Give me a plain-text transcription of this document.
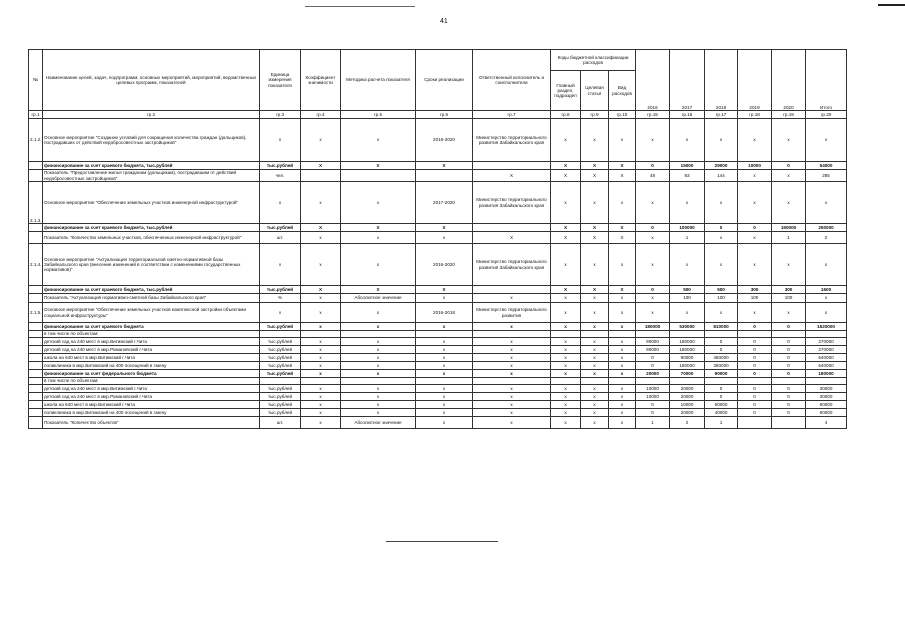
41
№	Наименование целей, задач, подпрограмм, основных мероприятий, мероприятий, ведомственных целевых программ, показателей	Единица измерения показателя	Коэффициент значимости	Методика расчета показателя	Сроки реализации	Ответственный исполнитель и соисполнители	Коды бюджетной классификации расходов			2016	2017	2018	2019	2020	Итого
							Главный раздел, подраздел	Целевая статья	Вид расходов						
гр.1	гр.2	гр.3	гр.4	гр.5	гр.6	гр.7	гр.8	гр.9	гр.10	гр.15	гр.16	гр.17	гр.18	гр.19	гр.20
2.1.2.	Основное мероприятие "Создание условий для сокращения количества граждан (дольщиков), пострадавших от действий недобросовестных застройщиков"	x	x	x	2016-2020	Министерство территориального развития Забайкальского края	x	x	x	x	x	x	x	x	x
	финансирование за счет краевого бюджета, тыс.рублей	тыс.рублей	X	X	X		X	X	X	0	15000	29000	10000	0	54000
	Показатель "Предоставление жилья гражданам (дольщикам), пострадавшим от действий недобросовестных застройщиков"	чел.				X	X	X	X	48	93	144	x	x	285
2.1.3.	Основное мероприятие "Обеспечение земельных участков инженерной инфраструктурой"	x	x	x	2017-2020	Министерство территориального развития Забайкальского края	x	x	x	x	x	x	x	x	x
	финансирование за счет краевого бюджета, тыс.рублей	тыс.рублей	X	X	X		X	X	X	0	100000	0	0	150000	250000
	Показатель "Количество земельных участков, обеспеченных инженерной инфраструктурой"	шт.	x	x	x	X	X	X	X	x	1	x	x	1	2
2.1.4.	Основное мероприятие "Актуализация территориальной сметно-нормативной базы Забайкальского края (внесение изменений в соответствии с изменениями государственных нормативов)"	x	x	x	2016-2020	Министерство территориального развития Забайкальского края	x	x	x	x	x	x	x	x	x
	финансирование за счет краевого бюджета, тыс.рублей	тыс.рублей	X	X	X		X	X	X	0	500	500	300	300	1600
	Показатель "Актуализация нормативно-сметной базы Забайкальского края"	%	x	Абсолютное значение	x	x	x	x	x	x	100	100	100	100	x
2.1.5.	Основное мероприятие "Обеспечение земельных участков комплексной застройки объектами социальной инфраструктуры"	x	x	x	2016-2018	Министерство территориального развития	x	x	x	x	x	x	x	x	x
	финансирование за счет краевого бюджета	тыс.рублей	x	x	x	x	x	x	x	180000	530000	810000	0	0	1620000
	в том числе по объектам:														
	детский сад на 240 мест в мкр.Витимский г.Чита	тыс.рублей	x	x	x	x	x	x	x	90000	180000	0	0	0	270000
	детский сад на 240 мест в мкр.Романовский г.Чита	тыс.рублей	x	x	x	x	x	x	x	90000	180000	0	0	0	270000
	школа на 640 мест в мкр.Витимский г.Чита	тыс.рублей	x	x	x	x	x	x	x	0	90000	450000	0	0	540000
	поликлиника в мкр.Витимский на 400 посещений в смену	тыс.рублей	x	x	x	x	x	x	x	0	180000	360000	0	0	540000
	финансирование за счет федерального бюджета	тыс.рублей	x	x	x	x	x	x	x	20000	70000	90000	0	0	180000
	в том числе по объектам:														
	детский сад на 240 мест в мкр.Витимский г.Чита	тыс.рублей	x	x	x	x	x	x	x	10000	20000	0	0	0	30000
	детский сад на 240 мест в мкр.Романовский г.Чита	тыс.рублей	x	x	x	x	x	x	x	10000	20000	0	0	0	30000
	школа на 640 мест в мкр.Витимский г.Чита	тыс.рублей	x	x	x	x	x	x	x	0	10000	50000	0	0	60000
	поликлиника в мкр.Витимский на 400 посещений в смену	тыс.рублей	x	x	x	x	x	x	x	0	20000	40000	0	0	60000
	Показатель "Количество объектов"	шт.	x	Абсолютное значение	x	x	x	x	x	1	2	1			4
